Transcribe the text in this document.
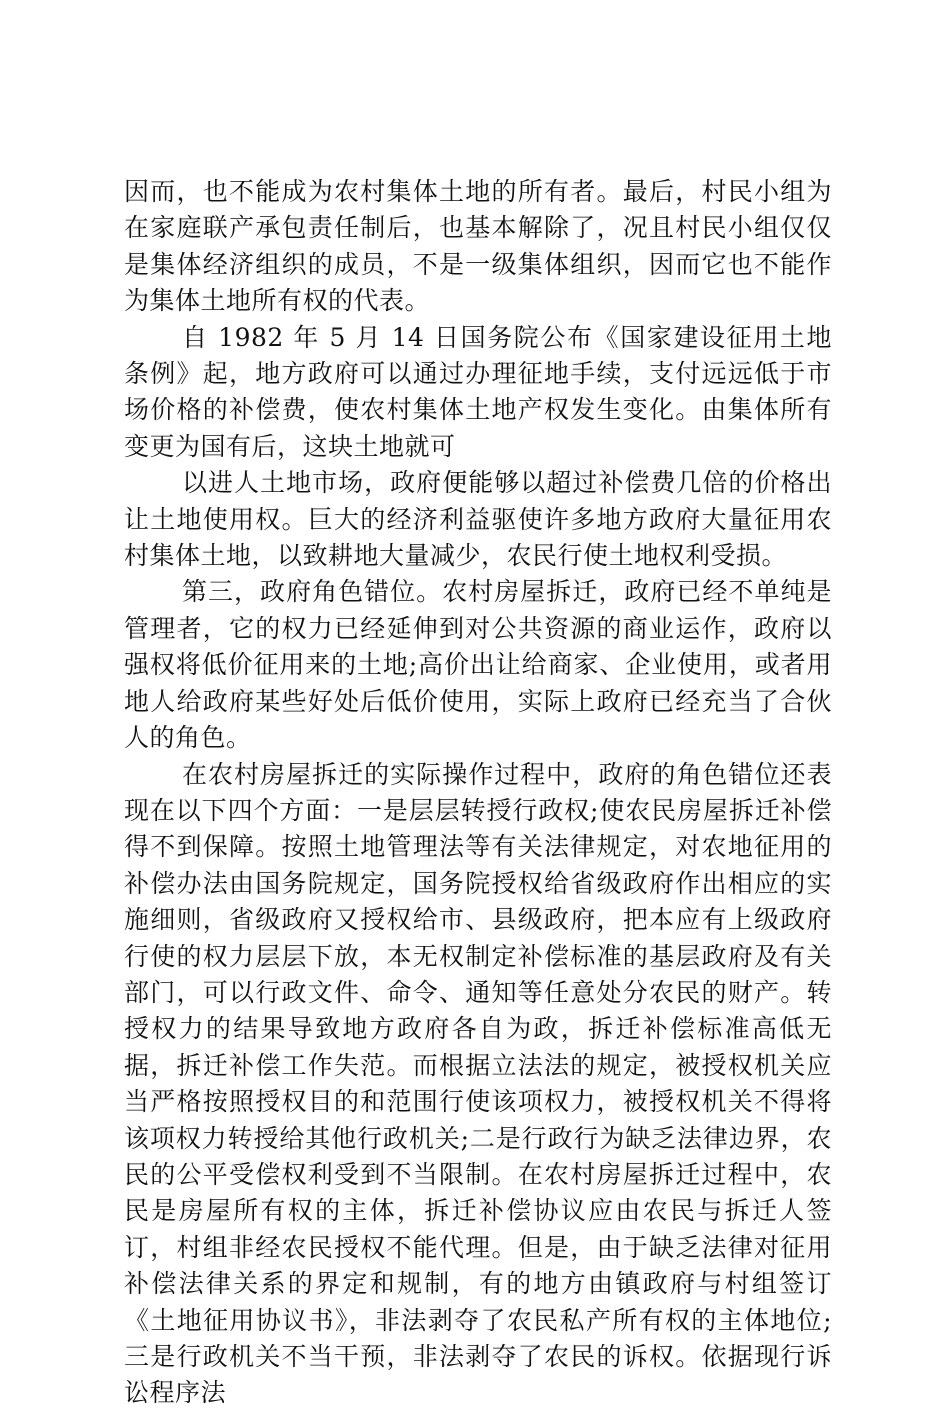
因而，也不能成为农村集体土地的所有者。最后，村民小组为在家庭联产承包责任制后，也基本解除了，况且村民小组仅仅是集体经济组织的成员，不是一级集体组织，因而它也不能作为集体土地所有权的代表。

自 1982 年 5 月 14 日国务院公布《国家建设征用土地条例》起，地方政府可以通过办理征地手续，支付远远低于市场价格的补偿费，使农村集体土地产权发生变化。由集体所有变更为国有后，这块土地就可

以进人土地市场，政府便能够以超过补偿费几倍的价格出让土地使用权。巨大的经济利益驱使许多地方政府大量征用农村集体土地，以致耕地大量减少，农民行使土地权利受损。

第三，政府角色错位。农村房屋拆迁，政府已经不单纯是管理者，它的权力已经延伸到对公共资源的商业运作，政府以强权将低价征用来的土地;高价出让给商家、企业使用，或者用地人给政府某些好处后低价使用，实际上政府已经充当了合伙人的角色。

在农村房屋拆迁的实际操作过程中，政府的角色错位还表现在以下四个方面：一是层层转授行政权;使农民房屋拆迁补偿得不到保障。按照土地管理法等有关法律规定，对农地征用的补偿办法由国务院规定，国务院授权给省级政府作出相应的实施细则，省级政府又授权给市、县级政府，把本应有上级政府行使的权力层层下放，本无权制定补偿标准的基层政府及有关部门，可以行政文件、命令、通知等任意处分农民的财产。转授权力的结果导致地方政府各自为政，拆迁补偿标准高低无据，拆迁补偿工作失范。而根据立法法的规定，被授权机关应当严格按照授权目的和范围行使该项权力，被授权机关不得将该项权力转授给其他行政机关;二是行政行为缺乏法律边界，农民的公平受偿权利受到不当限制。在农村房屋拆迁过程中，农民是房屋所有权的主体，拆迁补偿协议应由农民与拆迁人签订，村组非经农民授权不能代理。但是，由于缺乏法律对征用补偿法律关系的界定和规制，有的地方由镇政府与村组签订《土地征用协议书》，非法剥夺了农民私产所有权的主体地位;三是行政机关不当干预，非法剥夺了农民的诉权。依据现行诉讼程序法
